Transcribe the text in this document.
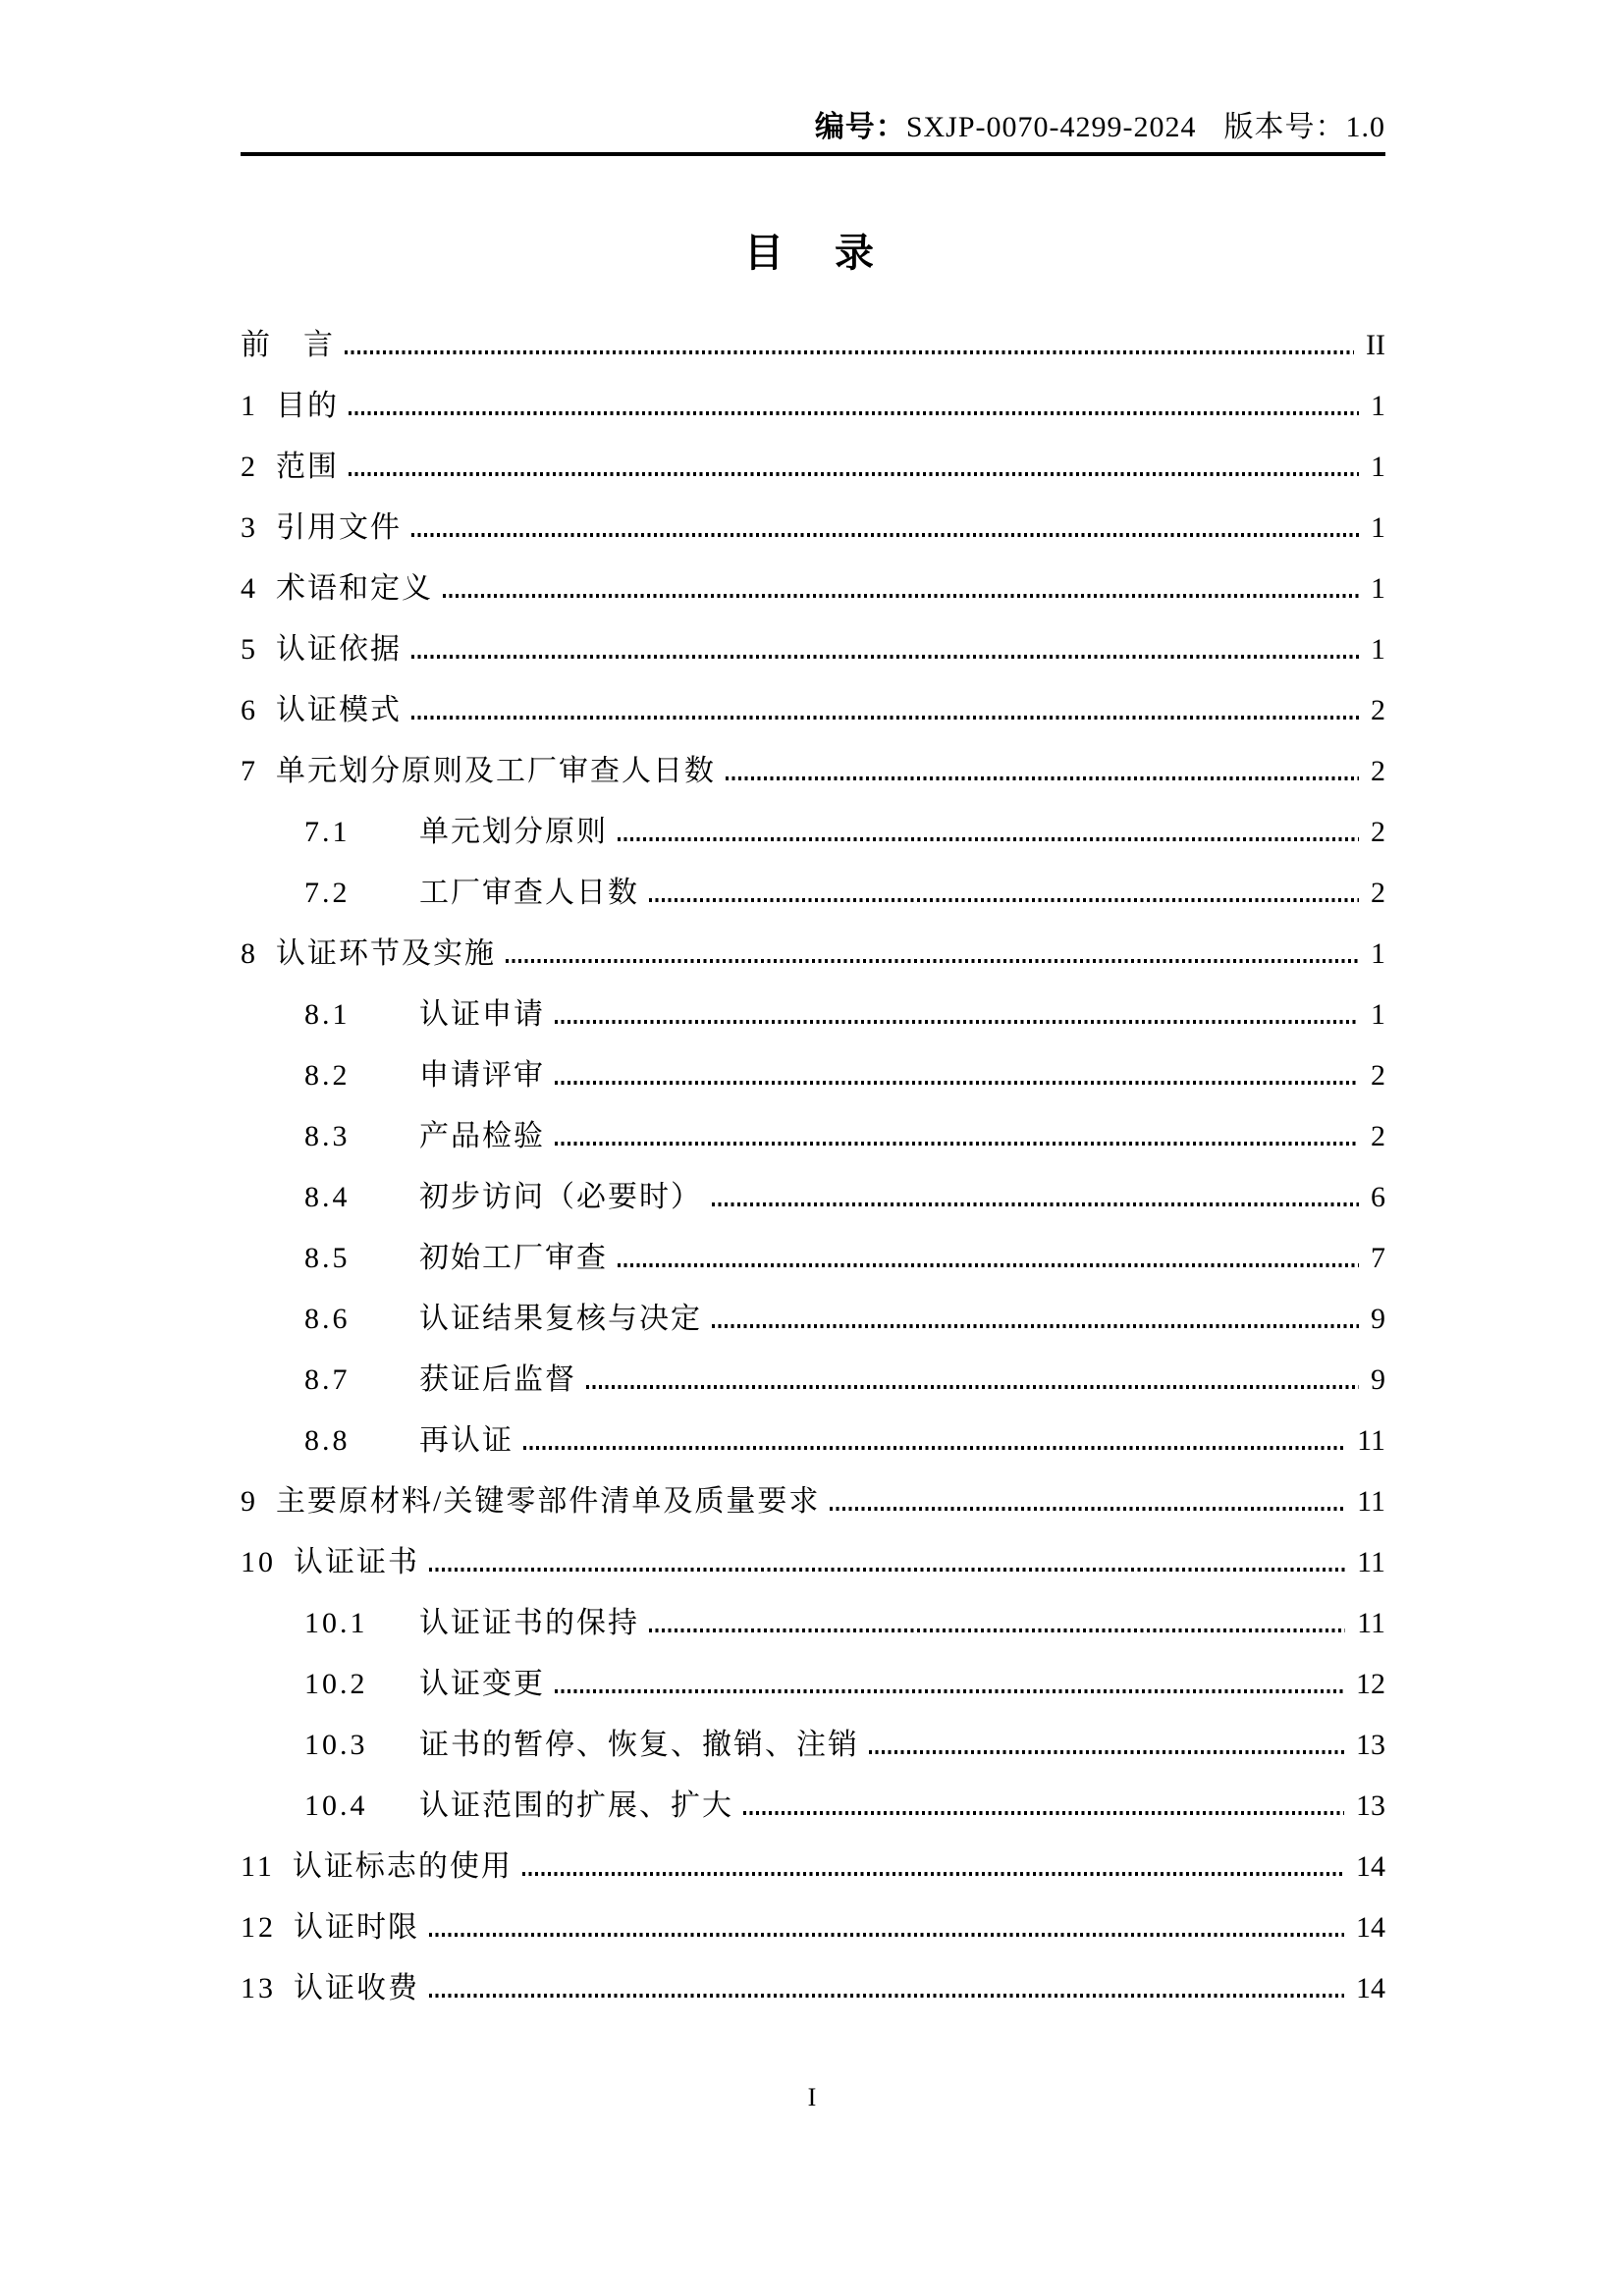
编号：SXJP-0070-4299-2024 版本号：1.0
目　录
前　言	II
1 目的	1
2 范围	1
3 引用文件	1
4 术语和定义	1
5 认证依据	1
6 认证模式	2
7 单元划分原则及工厂审查人日数	2
7.1	单元划分原则	2
7.2	工厂审查人日数	2
8 认证环节及实施	1
8.1	认证申请	1
8.2	申请评审	2
8.3	产品检验	2
8.4	初步访问（必要时）	6
8.5	初始工厂审查	7
8.6	认证结果复核与决定	9
8.7	获证后监督	9
8.8	再认证	11
9 主要原材料/关键零部件清单及质量要求	11
10 认证证书	11
10.1	认证证书的保持	11
10.2	认证变更	12
10.3	证书的暂停、恢复、撤销、注销	13
10.4	认证范围的扩展、扩大	13
11 认证标志的使用	14
12 认证时限	14
13 认证收费	14
I
